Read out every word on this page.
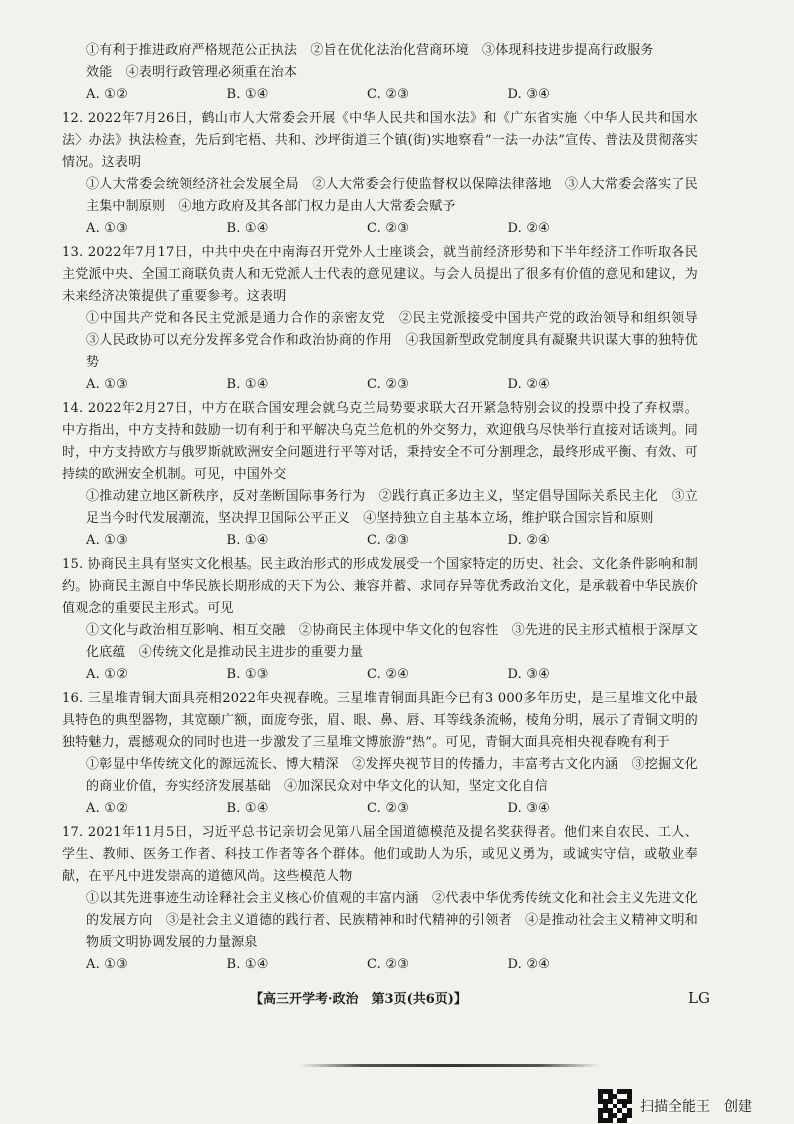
①有利于推进政府严格规范公正执法　②旨在优化法治化营商环境　③体现科技进步提高行政服务

效能　④表明行政管理必须重在治本

A. ①②	B. ①④	C. ②③	D. ③④

12. 2022年7月26日，鹤山市人大常委会开展《中华人民共和国水法》和《广东省实施〈中华人民共和国水法〉办法》执法检查，先后到宅梧、共和、沙坪街道三个镇(街)实地察看“一法一办法”宣传、普法及贯彻落实情况。这表明

①人大常委会统领经济社会发展全局　②人大常委会行使监督权以保障法律落地　③人大常委会落实了民主集中制原则　④地方政府及其各部门权力是由人大常委会赋予

A. ①③	B. ①④	C. ②③	D. ②④

13. 2022年7月17日，中共中央在中南海召开党外人士座谈会，就当前经济形势和下半年经济工作听取各民主党派中央、全国工商联负责人和无党派人士代表的意见建议。与会人员提出了很多有价值的意见和建议，为未来经济决策提供了重要参考。这表明

①中国共产党和各民主党派是通力合作的亲密友党　②民主党派接受中国共产党的政治领导和组织领导　③人民政协可以充分发挥多党合作和政治协商的作用　④我国新型政党制度具有凝聚共识谋大事的独特优势

A. ①③	B. ①④	C. ②③	D. ②④

14. 2022年2月27日，中方在联合国安理会就乌克兰局势要求联大召开紧急特别会议的投票中投了弃权票。中方指出，中方支持和鼓励一切有利于和平解决乌克兰危机的外交努力，欢迎俄乌尽快举行直接对话谈判。同时，中方支持欧方与俄罗斯就欧洲安全问题进行平等对话，秉持安全不可分割理念，最终形成平衡、有效、可持续的欧洲安全机制。可见，中国外交

①推动建立地区新秩序，反对垄断国际事务行为　②践行真正多边主义，坚定倡导国际关系民主化　③立足当今时代发展潮流，坚决捍卫国际公平正义　④坚持独立自主基本立场，维护联合国宗旨和原则

A. ①③	B. ①④	C. ②③	D. ②④

15. 协商民主具有坚实文化根基。民主政治形式的形成发展受一个国家特定的历史、社会、文化条件影响和制约。协商民主源自中华民族长期形成的天下为公、兼容并蓄、求同存异等优秀政治文化，是承载着中华民族价值观念的重要民主形式。可见

①文化与政治相互影响、相互交融　②协商民主体现中华文化的包容性　③先进的民主形式植根于深厚文化底蕴　④传统文化是推动民主进步的重要力量

A. ①②	B. ①③	C. ②④	D. ③④

16. 三星堆青铜大面具亮相2022年央视春晚。三星堆青铜面具距今已有3 000多年历史，是三星堆文化中最具特色的典型器物，其宽颐广额，面庞夸张，眉、眼、鼻、唇、耳等线条流畅，棱角分明，展示了青铜文明的独特魅力，震撼观众的同时也进一步激发了三星堆文博旅游“热”。可见，青铜大面具亮相央视春晚有利于

①彰显中华传统文化的源远流长、博大精深　②发挥央视节目的传播力，丰富考古文化内涵　③挖掘文化的商业价值，夯实经济发展基础　④加深民众对中华文化的认知，坚定文化自信

A. ①②	B. ①④	C. ②③	D. ③④

17. 2021年11月5日，习近平总书记亲切会见第八届全国道德模范及提名奖获得者。他们来自农民、工人、学生、教师、医务工作者、科技工作者等各个群体。他们或助人为乐，或见义勇为，或诚实守信，或敬业奉献，在平凡中进发崇高的道德风尚。这些模范人物

①以其先进事迹生动诠释社会主义核心价值观的丰富内涵　②代表中华优秀传统文化和社会主义先进文化的发展方向　③是社会主义道德的践行者、民族精神和时代精神的引领者　④是推动社会主义精神文明和物质文明协调发展的力量源泉

A. ①③	B. ①④	C. ②③	D. ②④
【高三开学考·政治　第3页(共6页)】	LG
扫描全能王　创建
